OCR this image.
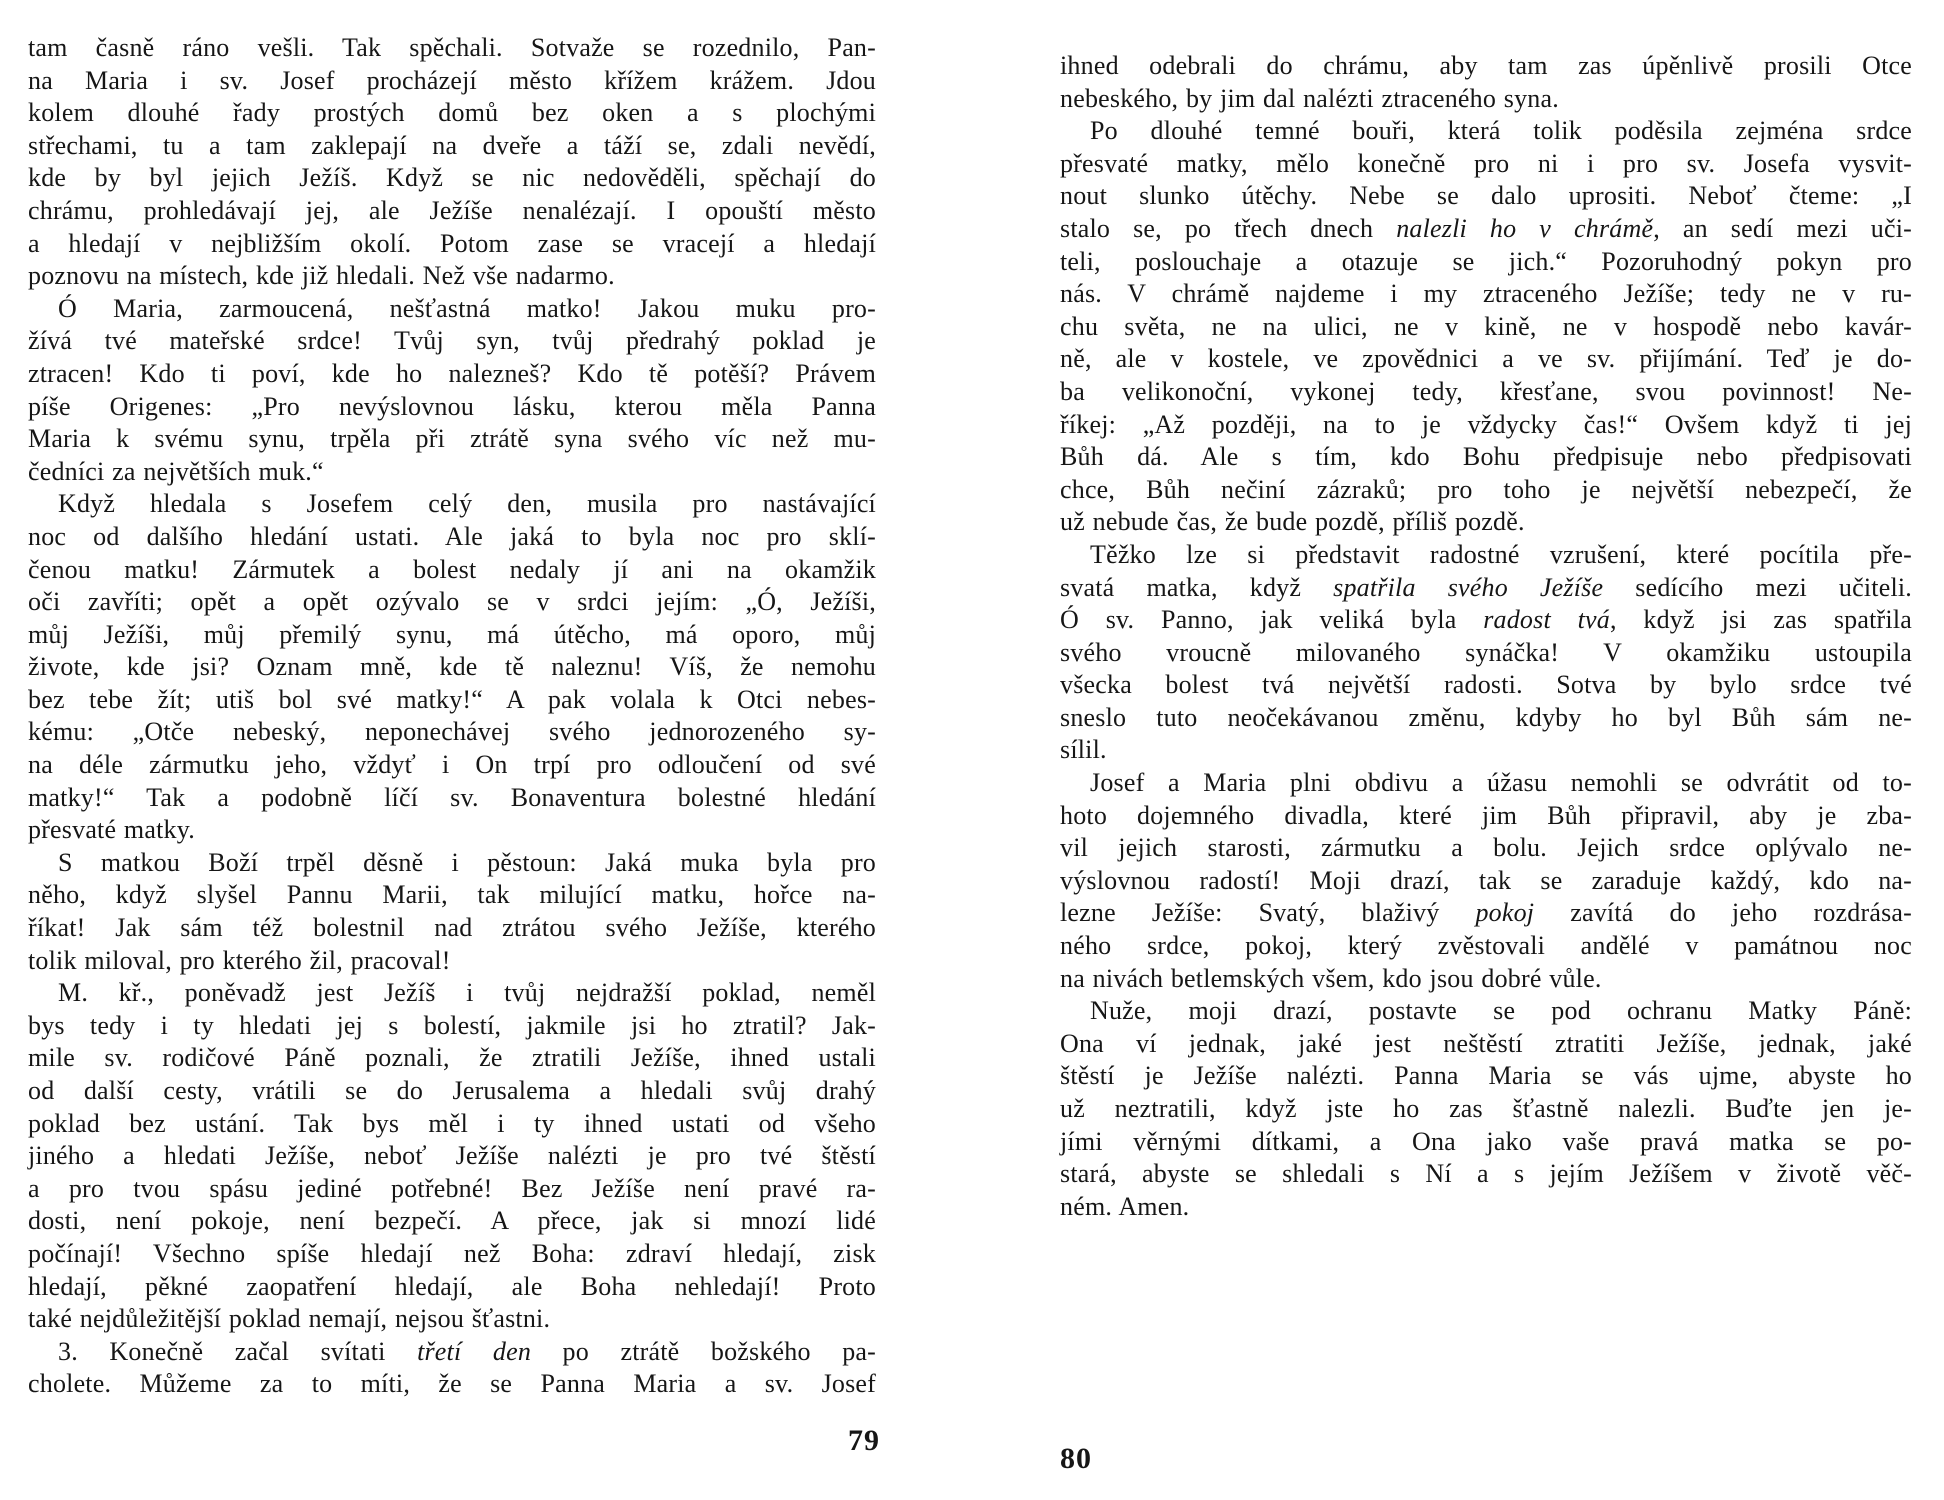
tam časně ráno vešli. Tak spěchali. Sotvaže se rozednilo, Pan-
na Maria i sv. Josef procházejí město křížem krážem. Jdou
kolem dlouhé řady prostých domů bez oken a s plochými
střechami, tu a tam zaklepají na dveře a táží se, zdali nevědí,
kde by byl jejich Ježíš. Když se nic nedověděli, spěchají do
chrámu, prohledávají jej, ale Ježíše nenalézají. I opouští město
a hledají v nejbližším okolí. Potom zase se vracejí a hledají
poznovu na místech, kde již hledali. Než vše nadarmo.
Ó Maria, zarmoucená, nešťastná matko! Jakou muku pro-
žívá tvé mateřské srdce! Tvůj syn, tvůj předrahý poklad je
ztracen! Kdo ti poví, kde ho nalezneš? Kdo tě potěší? Právem
píše Origenes: „Pro nevýslovnou lásku, kterou měla Panna
Maria k svému synu, trpěla při ztrátě syna svého víc než mu-
čedníci za největších muk.“
Když hledala s Josefem celý den, musila pro nastávající
noc od dalšího hledání ustati. Ale jaká to byla noc pro sklí-
čenou matku! Zármutek a bolest nedaly jí ani na okamžik
oči zavříti; opět a opět ozývalo se v srdci jejím: „Ó, Ježíši,
můj Ježíši, můj přemilý synu, má útěcho, má oporo, můj
živote, kde jsi? Oznam mně, kde tě naleznu! Víš, že nemohu
bez tebe žít; utiš bol své matky!“ A pak volala k Otci nebes-
kému: „Otče nebeský, neponechávej svého jednorozeného sy-
na déle zármutku jeho, vždyť i On trpí pro odloučení od své
matky!“ Tak a podobně líčí sv. Bonaventura bolestné hledání
přesvaté matky.
S matkou Boží trpěl děsně i pěstoun: Jaká muka byla pro
něho, když slyšel Pannu Marii, tak milující matku, hořce na-
říkat! Jak sám též bolestnil nad ztrátou svého Ježíše, kterého
tolik miloval, pro kterého žil, pracoval!
M. kř., poněvadž jest Ježíš i tvůj nejdražší poklad, neměl
bys tedy i ty hledati jej s bolestí, jakmile jsi ho ztratil? Jak-
mile sv. rodičové Páně poznali, že ztratili Ježíše, ihned ustali
od další cesty, vrátili se do Jerusalema a hledali svůj drahý
poklad bez ustání. Tak bys měl i ty ihned ustati od všeho
jiného a hledati Ježíše, neboť Ježíše nalézti je pro tvé štěstí
a pro tvou spásu jediné potřebné! Bez Ježíše není pravé ra-
dosti, není pokoje, není bezpečí. A přece, jak si mnozí lidé
počínají! Všechno spíše hledají než Boha: zdraví hledají, zisk
hledají, pěkné zaopatření hledají, ale Boha nehledají! Proto
také nejdůležitější poklad nemají, nejsou šťastni.
3. Konečně začal svítati třetí den po ztrátě božského pa-
cholete. Můžeme za to míti, že se Panna Maria a sv. Josef
ihned odebrali do chrámu, aby tam zas úpěnlivě prosili Otce
nebeského, by jim dal nalézti ztraceného syna.
Po dlouhé temné bouři, která tolik poděsila zejména srdce
přesvaté matky, mělo konečně pro ni i pro sv. Josefa vysvit-
nout slunko útěchy. Nebe se dalo uprositi. Neboť čteme: „I
stalo se, po třech dnech nalezli ho v chrámě, an sedí mezi uči-
teli, poslouchaje a otazuje se jich.“ Pozoruhodný pokyn pro
nás. V chrámě najdeme i my ztraceného Ježíše; tedy ne v ru-
chu světa, ne na ulici, ne v kině, ne v hospodě nebo kavár-
ně, ale v kostele, ve zpovědnici a ve sv. přijímání. Teď je do-
ba velikonoční, vykonej tedy, křesťane, svou povinnost! Ne-
říkej: „Až později, na to je vždycky čas!“ Ovšem když ti jej
Bůh dá. Ale s tím, kdo Bohu předpisuje nebo předpisovati
chce, Bůh nečiní zázraků; pro toho je největší nebezpečí, že
už nebude čas, že bude pozdě, příliš pozdě.
Těžko lze si představit radostné vzrušení, které pocítila pře-
svatá matka, když spatřila svého Ježíše sedícího mezi učiteli.
Ó sv. Panno, jak veliká byla radost tvá, když jsi zas spatřila
svého vroucně milovaného synáčka! V okamžiku ustoupila
všecka bolest tvá největší radosti. Sotva by bylo srdce tvé
sneslo tuto neočekávanou změnu, kdyby ho byl Bůh sám ne-
sílil.
Josef a Maria plni obdivu a úžasu nemohli se odvrátit od to-
hoto dojemného divadla, které jim Bůh připravil, aby je zba-
vil jejich starosti, zármutku a bolu. Jejich srdce oplývalo ne-
výslovnou radostí! Moji drazí, tak se zaraduje každý, kdo na-
lezne Ježíše: Svatý, blaživý pokoj zavítá do jeho rozdrása-
ného srdce, pokoj, který zvěstovali andělé v památnou noc
na nivách betlemských všem, kdo jsou dobré vůle.
Nuže, moji drazí, postavte se pod ochranu Matky Páně:
Ona ví jednak, jaké jest neštěstí ztratiti Ježíše, jednak, jaké
štěstí je Ježíše nalézti. Panna Maria se vás ujme, abyste ho
už neztratili, když jste ho zas šťastně nalezli. Buďte jen je-
jími věrnými dítkami, a Ona jako vaše pravá matka se po-
stará, abyste se shledali s Ní a s jejím Ježíšem v životě věč-
ném. Amen.
79
80
